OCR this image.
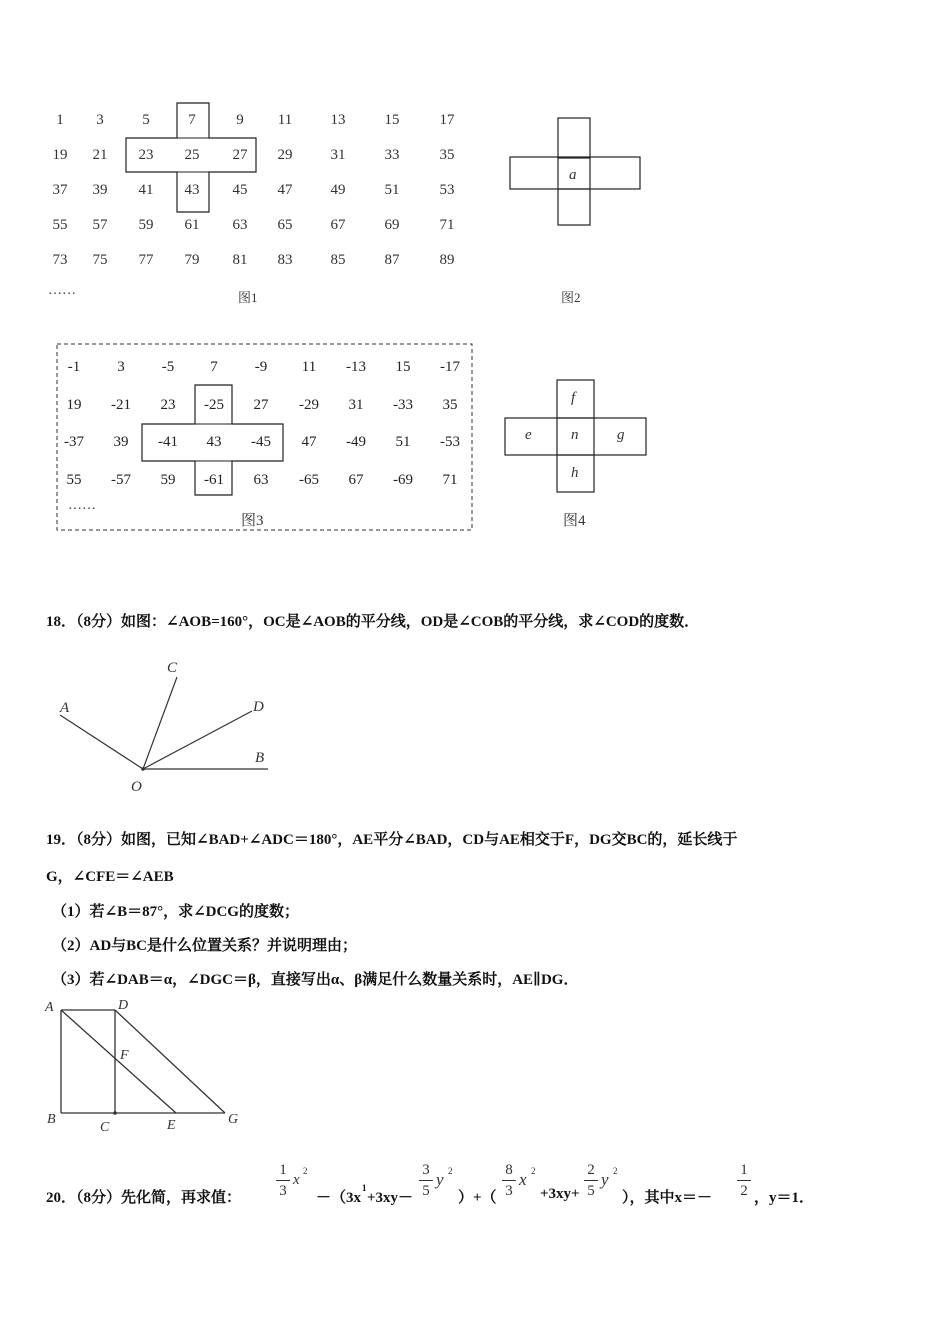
1	3	5	7	9	11	13	15	17
19	21	23	25	27	29	31	33	35
37	39	41	43	45	47	49	51	53
55	57	59	61	63	65	67	69	71
73	75	77	79	81	83	85	87	89
……	图1
a
图2
-1	3	-5	7	-9	11	-13	15	-17
19	-21	23	-25	27	-29	31	-33	35
-37	39	-41	43	-45	47	-49	51	-53
55	-57	59	-61	63	-65	67	-69	71
……
图3
f
e	n	g
h
图4
18．（8分）如图：∠AOB=160°，OC是∠AOB的平分线，OD是∠COB的平分线，求∠COD的度数．
A
C
D
B
O
19．（8分）如图，已知∠BAD+∠ADC＝180°，AE平分∠BAD，CD与AE相交于F，DG交BC的，延长线于
G，∠CFE＝∠AEB
（1）若∠B＝87°，求∠DCG的度数；
（2）AD与BC是什么位置关系？并说明理由；
（3）若∠DAB＝α，∠DGC＝β，直接写出α、β满足什么数量关系时，AE∥DG．
A	D
F
B
C	E	G
20．（8分）先化简，再求值：
1
3
x
2
－（3x
1
+3xy－
3
5
y 2
）+（
8
3
x 2
+3xy+
2
5
y 2
），其中x＝－
1
2 ，y＝1．
